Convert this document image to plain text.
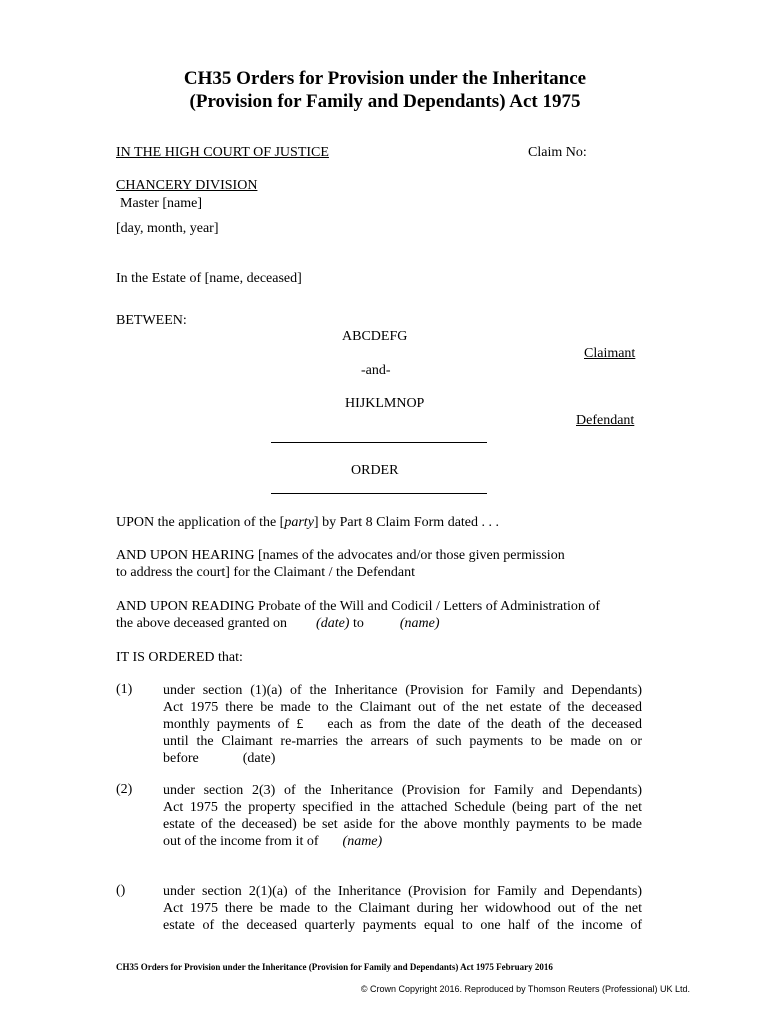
CH35 Orders for Provision under the Inheritance
(Provision for Family and Dependants) Act 1975
IN THE HIGH COURT OF JUSTICE	Claim No:
CHANCERY DIVISION
Master [name]
[day, month, year]
In the Estate of [name, deceased]
BETWEEN:
ABCDEFG
Claimant
-and-
HIJKLMNOP
Defendant
ORDER
UPON the application of the [party] by Part 8 Claim Form dated . . .
AND UPON HEARING [names of the advocates and/or those given permission
to address the court] for the Claimant / the Defendant
AND UPON READING Probate of the Will and Codicil / Letters of Administration of
the above deceased granted on (date) to	(name)
IT IS ORDERED that:
(1) under section (1)(a) of the Inheritance (Provision for Family and Dependants)
Act 1975 there be made to the Claimant out of the net estate of the deceased
monthly payments of £ each as from the date of the death of the deceased
until the Claimant re-marries the arrears of such payments to be made on or
before	(date)
(2) under section 2(3) of the Inheritance (Provision for Family and Dependants)
Act 1975 the property specified in the attached Schedule (being part of the net
estate of the deceased) be set aside for the above monthly payments to be made
out of the income from it of (name)
()	under section 2(1)(a) of the Inheritance (Provision for Family and Dependants)
Act 1975 there be made to the Claimant during her widowhood out of the net
estate of the deceased quarterly payments equal to one half of the income of
CH35 Orders for Provision under the Inheritance (Provision for Family and Dependants) Act 1975 February 2016
© Crown Copyright 2016. Reproduced by Thomson Reuters (Professional) UK Ltd.
